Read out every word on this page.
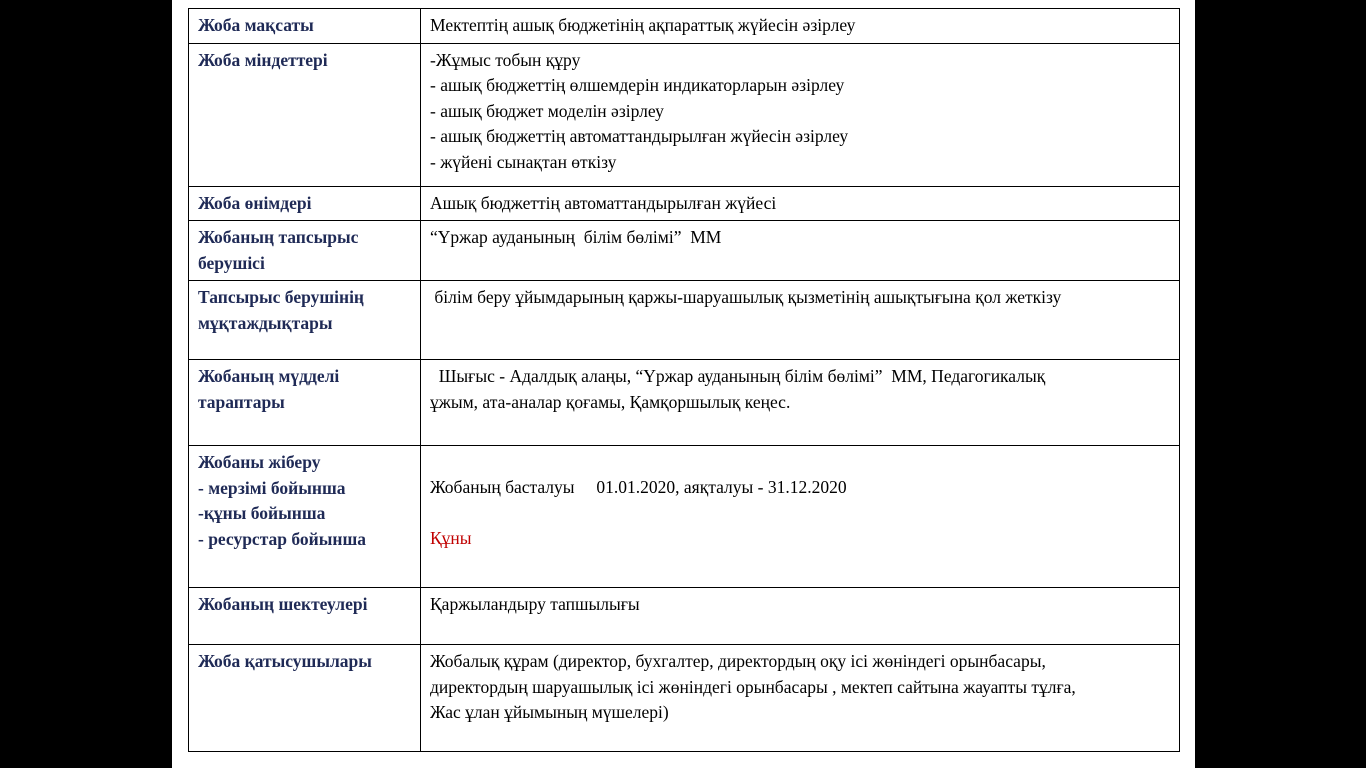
Жоба мақсаты	Мектептің ашық бюджетінің ақпараттық жүйесін әзірлеу

Жоба міндеттері	-Жұмыс тобын құру
- ашық бюджеттің өлшемдерін индикаторларын әзірлеу
- ашық бюджет моделін әзірлеу
- ашық бюджеттің автоматтандырылған жүйесін әзірлеу
- жүйені сынақтан өткізу

Жоба өнімдері	Ашық бюджеттің автоматтандырылған жүйесі

Жобаның тапсырыс
берушісі	“Үржар ауданының  білім бөлімі”  ММ

Тапсырыс берушінің
мұқтаждықтары	білім беру ұйымдарының қаржы-шаруашылық қызметінің ашықтығына қол жеткізу

Жобаның мүдделі
тараптары	Шығыс - Адалдық алаңы, “Үржар ауданының білім бөлімі”  ММ, Педагогикалық
ұжым, ата-аналар қоғамы, Қамқоршылық кеңес.

Жобаны жіберу
- мерзімі бойынша
-құны бойынша
- ресурстар бойынша	Жобаның басталуы     01.01.2020, аяқталуы - 31.12.2020
Құны

Жобаның шектеулері	Қаржыландыру тапшылығы

Жоба қатысушылары	Жобалық құрам (директор, бухгалтер, директордың оқу ісі жөніндегі орынбасары,
директордың шаруашылық ісі жөніндегі орынбасары , мектеп сайтына жауапты тұлға,
Жас ұлан ұйымының мүшелері)
